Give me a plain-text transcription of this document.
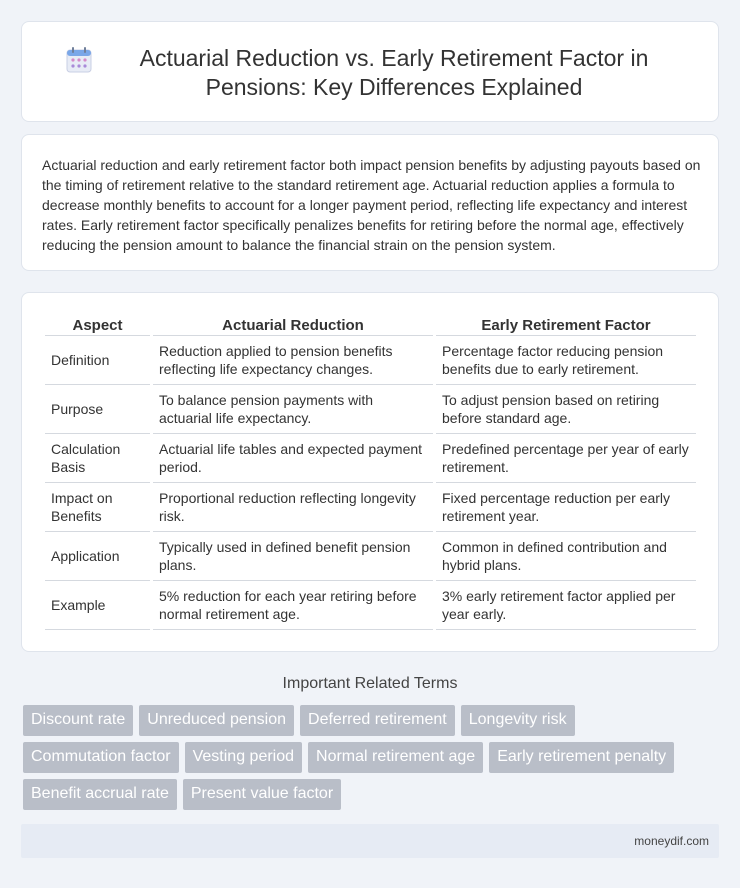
Actuarial Reduction vs. Early Retirement Factor in Pensions: Key Differences Explained

Actuarial reduction and early retirement factor both impact pension benefits by adjusting payouts based on the timing of retirement relative to the standard retirement age. Actuarial reduction applies a formula to decrease monthly benefits to account for a longer payment period, reflecting life expectancy and interest rates. Early retirement factor specifically penalizes benefits for retiring before the normal age, effectively reducing the pension amount to balance the financial strain on the pension system.

Aspect	Actuarial Reduction	Early Retirement Factor
Definition	Reduction applied to pension benefits reflecting life expectancy changes.	Percentage factor reducing pension benefits due to early retirement.
Purpose	To balance pension payments with actuarial life expectancy.	To adjust pension based on retiring before standard age.
Calculation Basis	Actuarial life tables and expected payment period.	Predefined percentage per year of early retirement.
Impact on Benefits	Proportional reduction reflecting longevity risk.	Fixed percentage reduction per early retirement year.
Application	Typically used in defined benefit pension plans.	Common in defined contribution and hybrid plans.
Example	5% reduction for each year retiring before normal retirement age.	3% early retirement factor applied per year early.
Important Related Terms
Discount rate	Unreduced pension	Deferred retirement	Longevity risk
Commutation factor	Vesting period	Normal retirement age	Early retirement penalty
Benefit accrual rate	Present value factor
moneydif.com
